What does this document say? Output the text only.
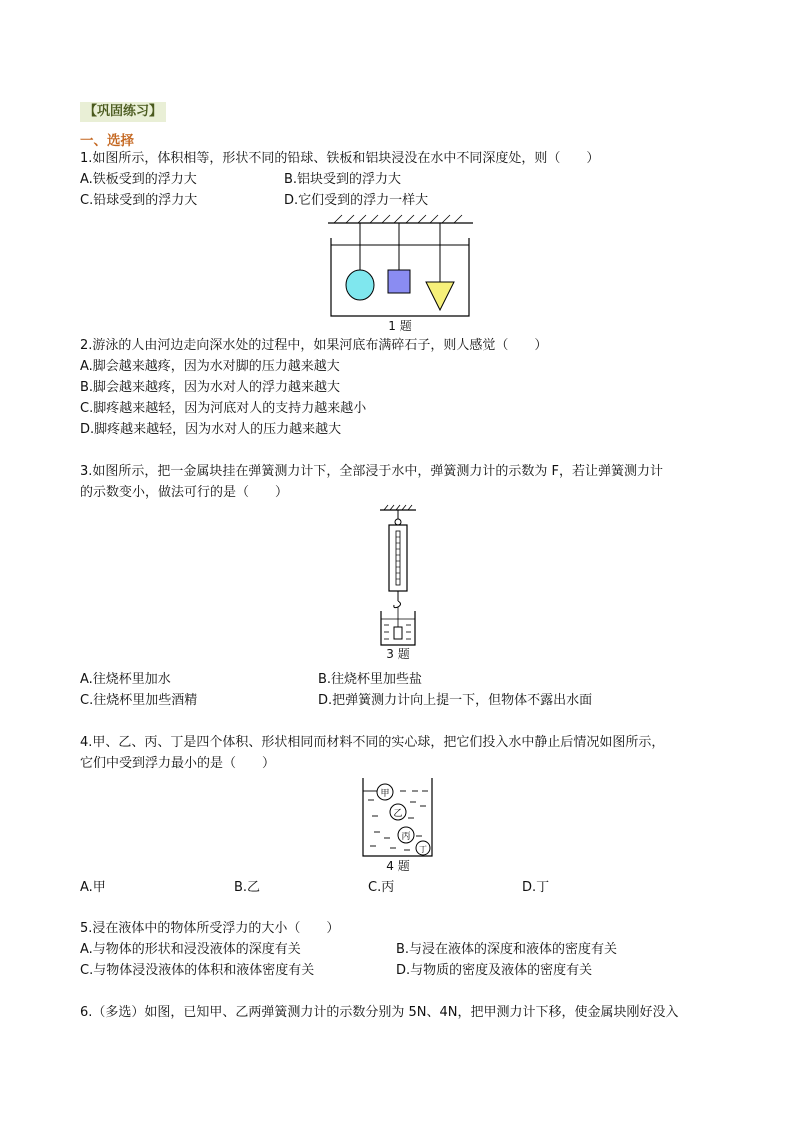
【巩固练习】
一、选择
1.如图所示，体积相等，形状不同的铅球、铁板和铝块浸没在水中不同深度处，则（　　）
A.铁板受到的浮力大	B.铝块受到的浮力大
C.铅球受到的浮力大	D.它们受到的浮力一样大
1 题
2.游泳的人由河边走向深水处的过程中，如果河底布满碎石子，则人感觉（　　）
A.脚会越来越疼，因为水对脚的压力越来越大
B.脚会越来越疼，因为水对人的浮力越来越大
C.脚疼越来越轻，因为河底对人的支持力越来越小
D.脚疼越来越轻，因为水对人的压力越来越大
3.如图所示，把一金属块挂在弹簧测力计下，全部浸于水中，弹簧测力计的示数为 F，若让弹簧测力计
的示数变小，做法可行的是（　　）
3 题
A.往烧杯里加水	B.往烧杯里加些盐
C.往烧杯里加些酒精	D.把弹簧测力计向上提一下，但物体不露出水面
4.甲、乙、丙、丁是四个体积、形状相同而材料不同的实心球，把它们投入水中静止后情况如图所示，
它们中受到浮力最小的是（　　）
甲
乙
丙
丁
4 题
A.甲	B.乙	C.丙	D.丁
5.浸在液体中的物体所受浮力的大小（　　）
A.与物体的形状和浸没液体的深度有关	B.与浸在液体的深度和液体的密度有关
C.与物体浸没液体的体积和液体密度有关	D.与物质的密度及液体的密度有关
6.（多选）如图，已知甲、乙两弹簧测力计的示数分别为 5N、4N，把甲测力计下移，使金属块刚好没入
